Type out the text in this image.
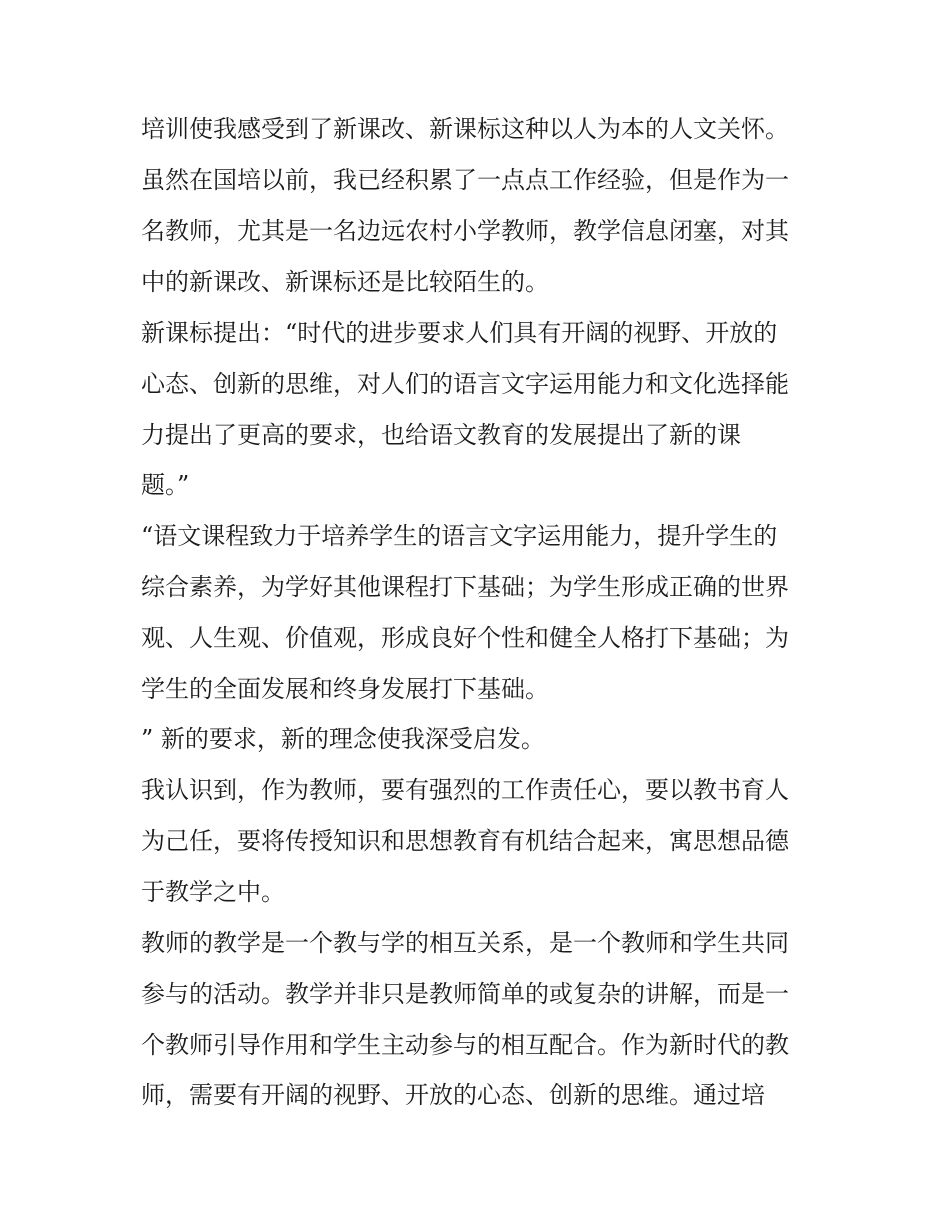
培训使我感受到了新课改、新课标这种以人为本的人文关怀。
虽然在国培以前，我已经积累了一点点工作经验，但是作为一
名教师，尤其是一名边远农村小学教师，教学信息闭塞，对其
中的新课改、新课标还是比较陌生的。
新课标提出：“时代的进步要求人们具有开阔的视野、开放的
心态、创新的思维，对人们的语言文字运用能力和文化选择能
力提出了更高的要求，也给语文教育的发展提出了新的课
题。”
“语文课程致力于培养学生的语言文字运用能力，提升学生的
综合素养，为学好其他课程打下基础；为学生形成正确的世界
观、人生观、价值观，形成良好个性和健全人格打下基础；为
学生的全面发展和终身发展打下基础。
” 新的要求，新的理念使我深受启发。
我认识到，作为教师，要有强烈的工作责任心，要以教书育人
为己任，要将传授知识和思想教育有机结合起来，寓思想品德
于教学之中。
教师的教学是一个教与学的相互关系，是一个教师和学生共同
参与的活动。教学并非只是教师简单的或复杂的讲解，而是一
个教师引导作用和学生主动参与的相互配合。作为新时代的教
师，需要有开阔的视野、开放的心态、创新的思维。通过培
